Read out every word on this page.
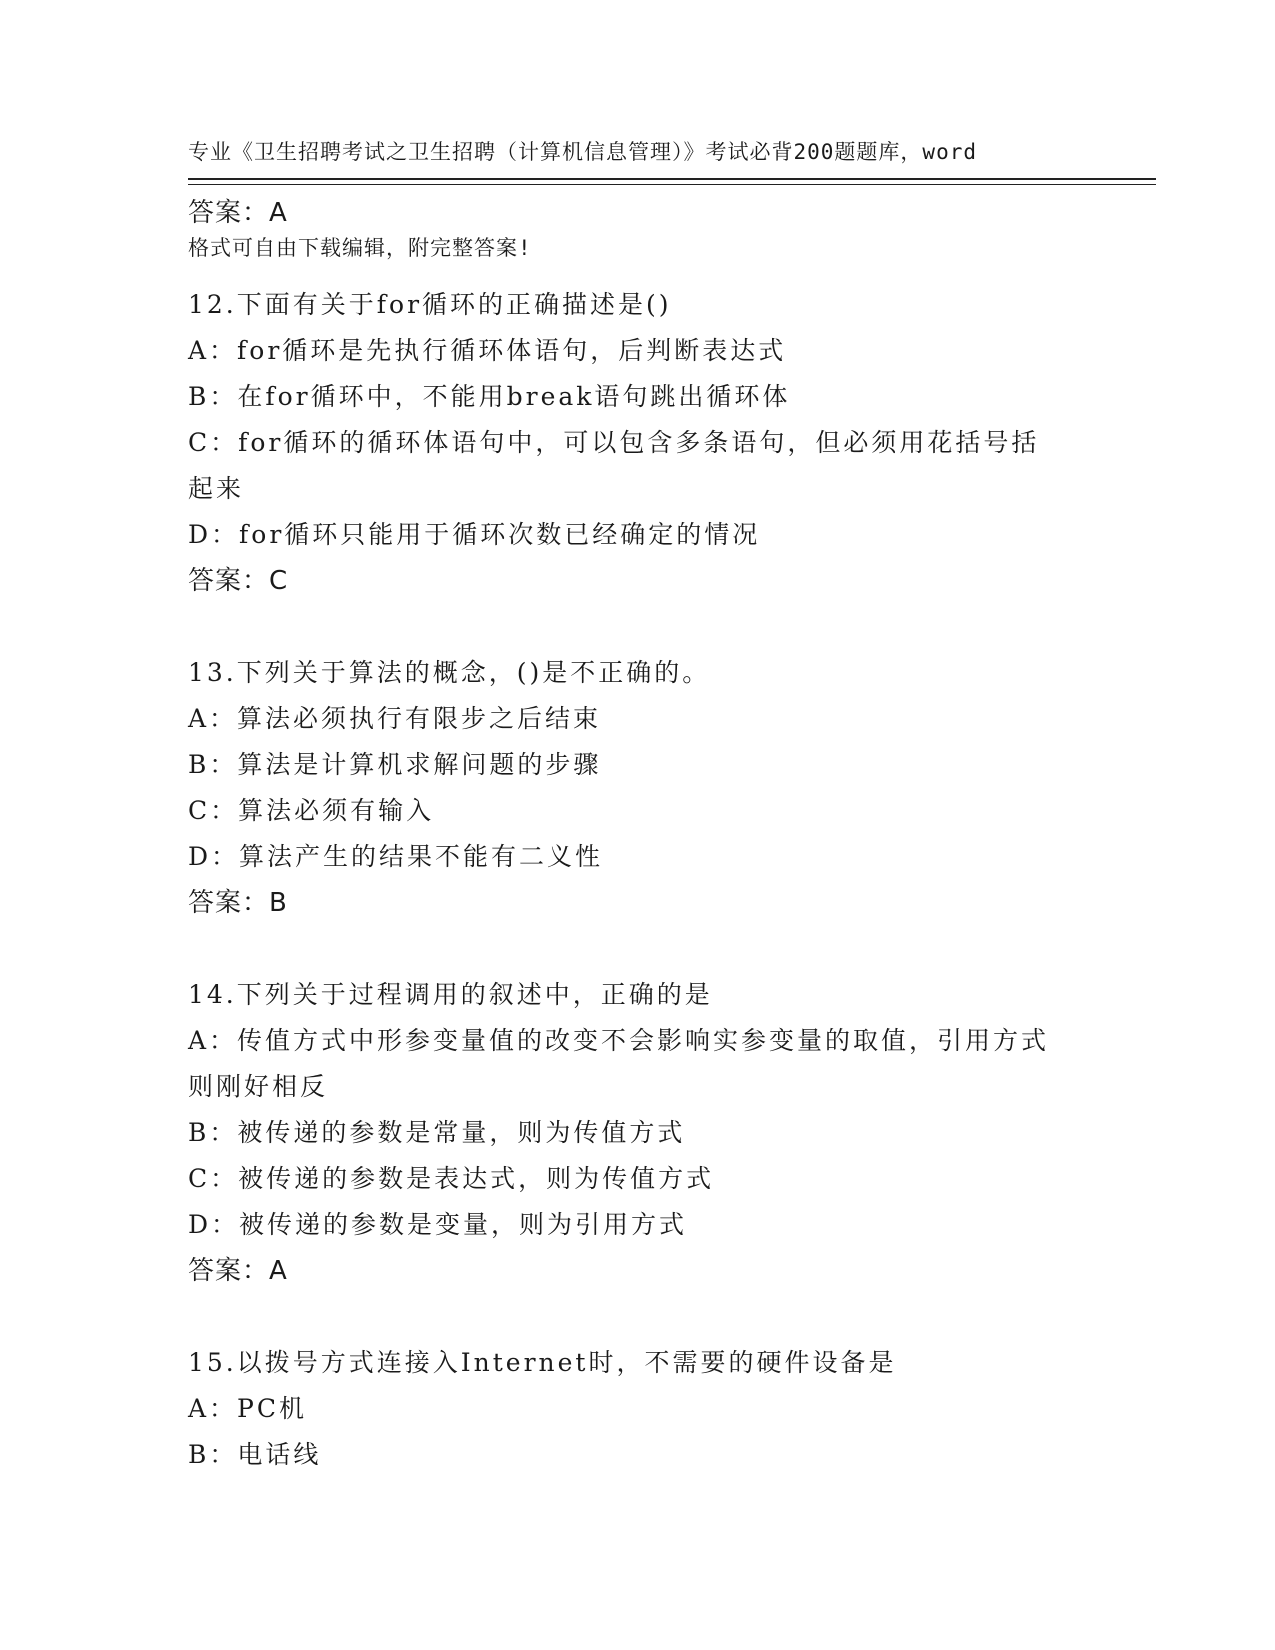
专业《卫生招聘考试之卫生招聘（计算机信息管理）》考试必背200题题库，word

格式可自由下载编辑，附完整答案!

答案：A
12.下面有关于for循环的正确描述是()
A：for循环是先执行循环体语句，后判断表达式
B：在for循环中，不能用break语句跳出循环体
C：for循环的循环体语句中，可以包含多条语句，但必须用花括号括
起来
D：for循环只能用于循环次数已经确定的情况
答案：C
13.下列关于算法的概念，()是不正确的。
A：算法必须执行有限步之后结束
B：算法是计算机求解问题的步骤
C：算法必须有输入
D：算法产生的结果不能有二义性
答案：B
14.下列关于过程调用的叙述中，正确的是
A：传值方式中形参变量值的改变不会影响实参变量的取值，引用方式
则刚好相反
B：被传递的参数是常量，则为传值方式
C：被传递的参数是表达式，则为传值方式
D：被传递的参数是变量，则为引用方式
答案：A
15.以拨号方式连接入Internet时，不需要的硬件设备是
A：PC机
B：电话线
